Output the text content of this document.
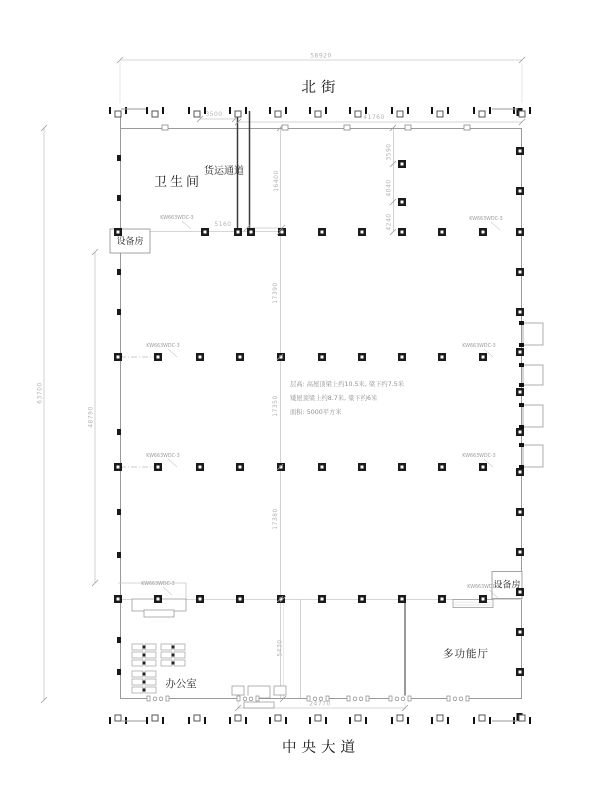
北街
中央大道
卫生间
货运通道
设备房
设备房
办公室
多功能厅
层高: 高屋顶梁上约10.5米, 梁下约7.5米
矮屋顶梁上约8.7米, 梁下约6米
面积: 5000平方米
58920
41760
3500
5160
24770
63700
48790
16400
17390
17350
17380
3590
4040
4240
5430
KW663WDC-3	KW663WDC-3
KW663WDC-3	KW663WDC-3
KW663WDC-3	KW663WDC-3
KW663WDC-3
KW663WDC-3
